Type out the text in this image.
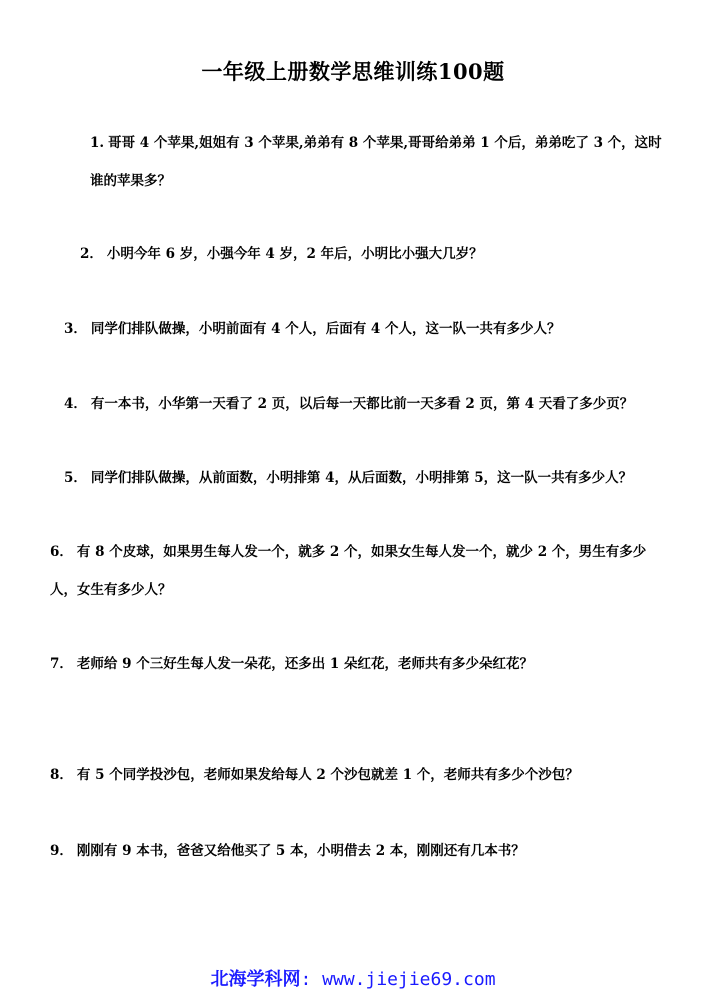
一年级上册数学思维训练100题
1. 哥哥 4 个苹果,姐姐有 3 个苹果,弟弟有 8 个苹果,哥哥给弟弟 1 个后，弟弟吃了 3 个，这时
谁的苹果多？
2． 小明今年 6 岁，小强今年 4 岁，2 年后，小明比小强大几岁？
3． 同学们排队做操，小明前面有 4 个人，后面有 4 个人，这一队一共有多少人？
4． 有一本书，小华第一天看了 2 页，以后每一天都比前一天多看 2 页，第 4 天看了多少页？
5． 同学们排队做操，从前面数，小明排第 4，从后面数，小明排第 5，这一队一共有多少人？
6． 有 8 个皮球，如果男生每人发一个，就多 2 个，如果女生每人发一个，就少 2 个，男生有多少
人，女生有多少人？
7． 老师给 9 个三好生每人发一朵花，还多出 1 朵红花，老师共有多少朵红花？
8． 有 5 个同学投沙包，老师如果发给每人 2 个沙包就差 1 个，老师共有多少个沙包？
9． 刚刚有 9 本书，爸爸又给他买了 5 本，小明借去 2 本，刚刚还有几本书？
北海学科网: www.jiejie69.com
